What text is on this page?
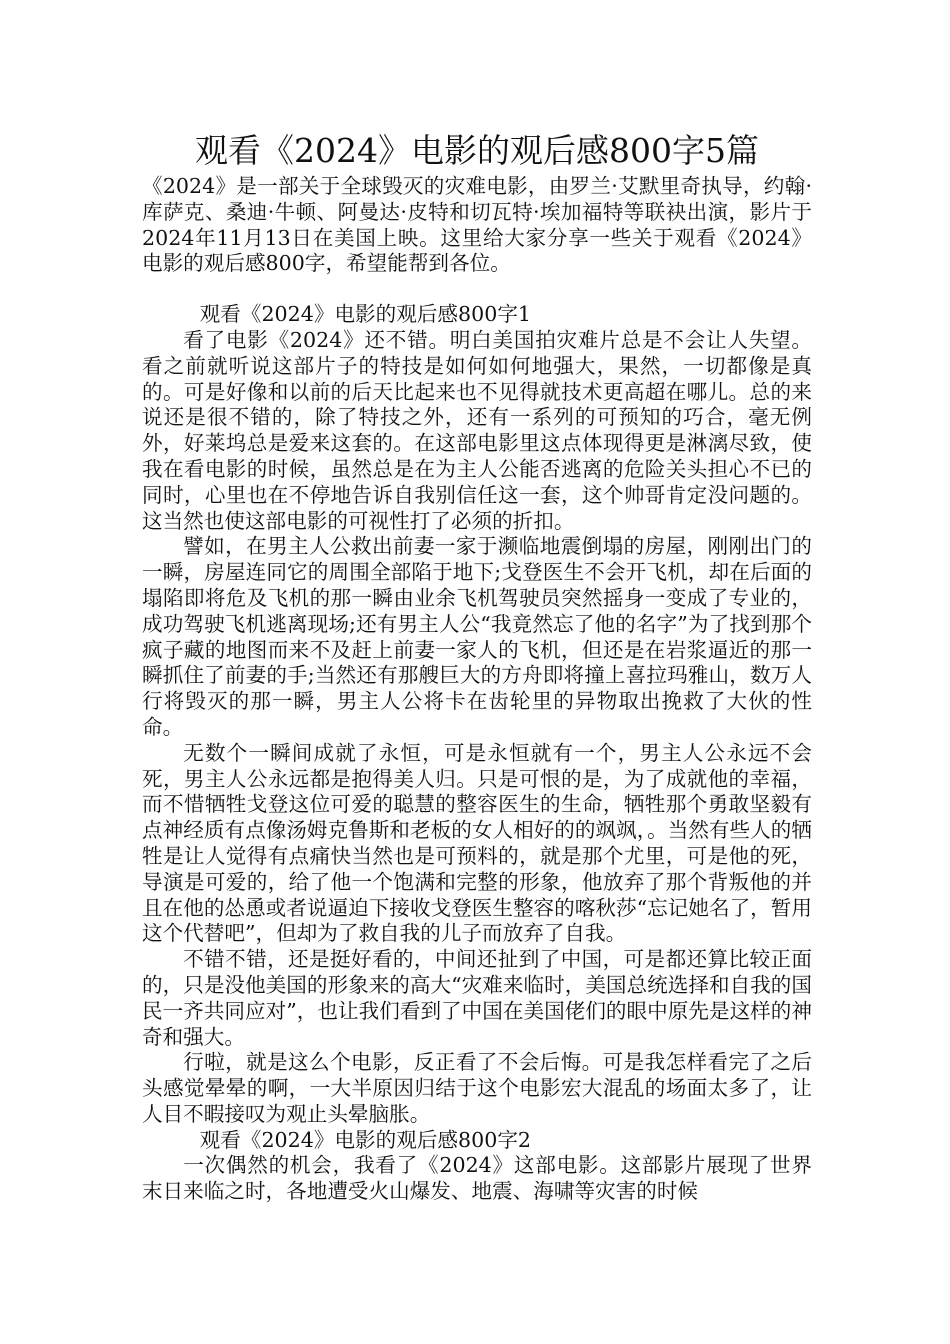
观看《2024》电影的观后感800字5篇

《2024》是一部关于全球毁灭的灾难电影，由罗兰·艾默里奇执导，约翰·库萨克、桑迪·牛顿、阿曼达·皮特和切瓦特·埃加福特等联袂出演，影片于2024年11月13日在美国上映。这里给大家分享一些关于观看《2024》电影的观后感800字，希望能帮到各位。

观看《2024》电影的观后感800字1

看了电影《2024》还不错。明白美国拍灾难片总是不会让人失望。看之前就听说这部片子的特技是如何如何地强大，果然，一切都像是真的。可是好像和以前的后天比起来也不见得就技术更高超在哪儿。总的来说还是很不错的，除了特技之外，还有一系列的可预知的巧合，毫无例外，好莱坞总是爱来这套的。在这部电影里这点体现得更是淋漓尽致，使我在看电影的时候，虽然总是在为主人公能否逃离的危险关头担心不已的同时，心里也在不停地告诉自我别信任这一套，这个帅哥肯定没问题的。这当然也使这部电影的可视性打了必须的折扣。

譬如，在男主人公救出前妻一家于濒临地震倒塌的房屋，刚刚出门的一瞬，房屋连同它的周围全部陷于地下;戈登医生不会开飞机，却在后面的塌陷即将危及飞机的那一瞬由业余飞机驾驶员突然摇身一变成了专业的，成功驾驶飞机逃离现场;还有男主人公“我竟然忘了他的名字”为了找到那个疯子藏的地图而来不及赶上前妻一家人的飞机，但还是在岩浆逼近的那一瞬抓住了前妻的手;当然还有那艘巨大的方舟即将撞上喜拉玛雅山，数万人行将毁灭的那一瞬，男主人公将卡在齿轮里的异物取出挽救了大伙的性命。

无数个一瞬间成就了永恒，可是永恒就有一个，男主人公永远不会死，男主人公永远都是抱得美人归。只是可恨的是，为了成就他的幸福，而不惜牺牲戈登这位可爱的聪慧的整容医生的生命，牺牲那个勇敢坚毅有点神经质有点像汤姆克鲁斯和老板的女人相好的的飒飒，。当然有些人的牺牲是让人觉得有点痛快当然也是可预料的，就是那个尤里，可是他的死，导演是可爱的，给了他一个饱满和完整的形象，他放弃了那个背叛他的并且在他的怂恿或者说逼迫下接收戈登医生整容的喀秋莎“忘记她名了，暂用这个代替吧”，但却为了救自我的儿子而放弃了自我。

不错不错，还是挺好看的，中间还扯到了中国，可是都还算比较正面的，只是没他美国的形象来的高大“灾难来临时，美国总统选择和自我的国民一齐共同应对”，也让我们看到了中国在美国佬们的眼中原先是这样的神奇和强大。

行啦，就是这么个电影，反正看了不会后悔。可是我怎样看完了之后头感觉晕晕的啊，一大半原因归结于这个电影宏大混乱的场面太多了，让人目不暇接叹为观止头晕脑胀。

观看《2024》电影的观后感800字2

一次偶然的机会，我看了《2024》这部电影。这部影片展现了世界末日来临之时，各地遭受火山爆发、地震、海啸等灾害的时候
